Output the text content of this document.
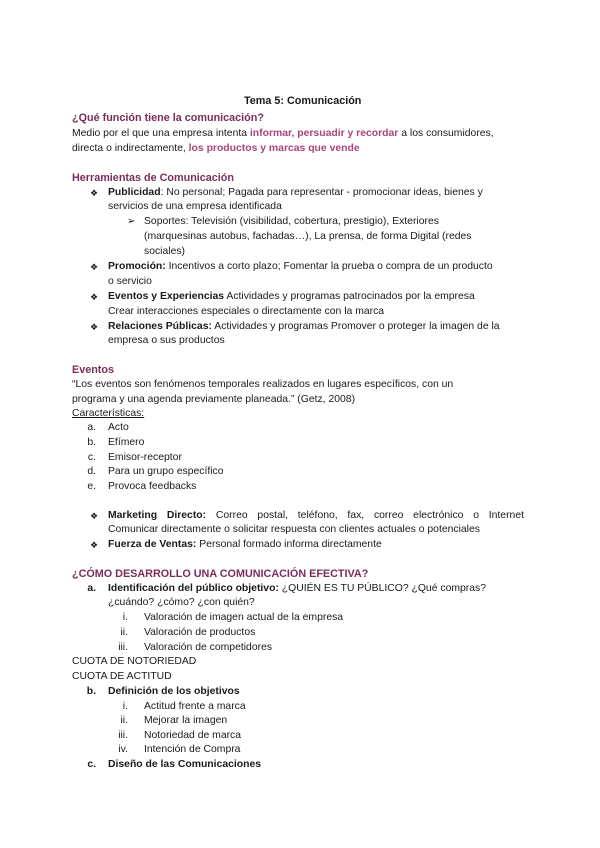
Tema 5: Comunicación
¿Qué función tiene la comunicación?
Medio por el que una empresa intenta informar, persuadir y recordar a los consumidores,
directa o indirectamente, los productos y marcas que vende
Herramientas de Comunicación
❖ Publicidad: No personal; Pagada para representar - promocionar ideas, bienes y
servicios de una empresa identificada
➢ Soportes: Televisión (visibilidad, cobertura, prestigio), Exteriores
(marquesinas autobus, fachadas…), La prensa, de forma Digital (redes
sociales)
❖ Promoción: Incentivos a corto plazo; Fomentar la prueba o compra de un producto
o servicio
❖ Eventos y Experiencias Actividades y programas patrocinados por la empresa
Crear interacciones especiales o directamente con la marca
❖ Relaciones Públicas: Actividades y programas Promover o proteger la imagen de la
empresa o sus productos
Eventos
“Los eventos son fenómenos temporales realizados en lugares específicos, con un
programa y una agenda previamente planeada.” (Getz, 2008)
Características:
a. Acto
b. Efímero
c. Emisor-receptor
d. Para un grupo específico
e. Provoca feedbacks
❖ Marketing Directo: Correo postal, teléfono, fax, correo electrónico o Internet
Comunicar directamente o solicitar respuesta con clientes actuales o potenciales
❖ Fuerza de Ventas: Personal formado informa directamente
¿CÓMO DESARROLLO UNA COMUNICACIÓN EFECTIVA?
a. Identificación del público objetivo: ¿QUIÉN ES TU PÚBLICO? ¿Qué compras?
¿cuándo? ¿cómo? ¿con quién?
i. Valoración de imagen actual de la empresa
ii. Valoración de productos
iii. Valoración de competidores
CUOTA DE NOTORIEDAD
CUOTA DE ACTITUD
b. Definición de los objetivos
i. Actitud frente a marca
ii. Mejorar la imagen
iii. Notoriedad de marca
iv. Intención de Compra
c. Diseño de las Comunicaciones
